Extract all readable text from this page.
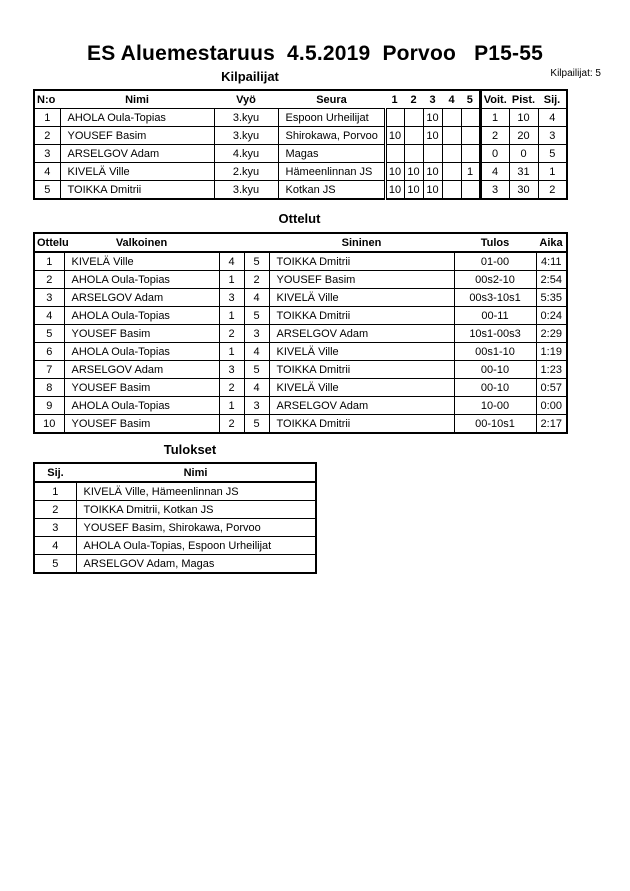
ES Aluemestaruus  4.5.2019  Porvoo   P15-55
Kilpailijat: 5
Kilpailijat
N:o	Nimi	Vyö	Seura	1	2	3	4	5	Voit.	Pist.	Sij.
1	AHOLA Oula-Topias	3.kyu	Espoon Urheilijat			10			1	10	4
2	YOUSEF Basim	3.kyu	Shirokawa, Porvoo	10		10			2	20	3
3	ARSELGOV Adam	4.kyu	Magas						0	0	5
4	KIVELÄ Ville	2.kyu	Hämeenlinnan JS	10	10	10		1	4	31	1
5	TOIKKA Dmitrii	3.kyu	Kotkan JS	10	10	10			3	30	2
Ottelut
Ottelu	Valkoinen			Sininen	Tulos	Aika
1	KIVELÄ Ville	4	5	TOIKKA Dmitrii	01-00	4:11
2	AHOLA Oula-Topias	1	2	YOUSEF Basim	00s2-10	2:54
3	ARSELGOV Adam	3	4	KIVELÄ Ville	00s3-10s1	5:35
4	AHOLA Oula-Topias	1	5	TOIKKA Dmitrii	00-11	0:24
5	YOUSEF Basim	2	3	ARSELGOV Adam	10s1-00s3	2:29
6	AHOLA Oula-Topias	1	4	KIVELÄ Ville	00s1-10	1:19
7	ARSELGOV Adam	3	5	TOIKKA Dmitrii	00-10	1:23
8	YOUSEF Basim	2	4	KIVELÄ Ville	00-10	0:57
9	AHOLA Oula-Topias	1	3	ARSELGOV Adam	10-00	0:00
10	YOUSEF Basim	2	5	TOIKKA Dmitrii	00-10s1	2:17
Tulokset
Sij.	Nimi
1	KIVELÄ Ville, Hämeenlinnan JS
2	TOIKKA Dmitrii, Kotkan JS
3	YOUSEF Basim, Shirokawa, Porvoo
4	AHOLA Oula-Topias, Espoon Urheilijat
5	ARSELGOV Adam, Magas
